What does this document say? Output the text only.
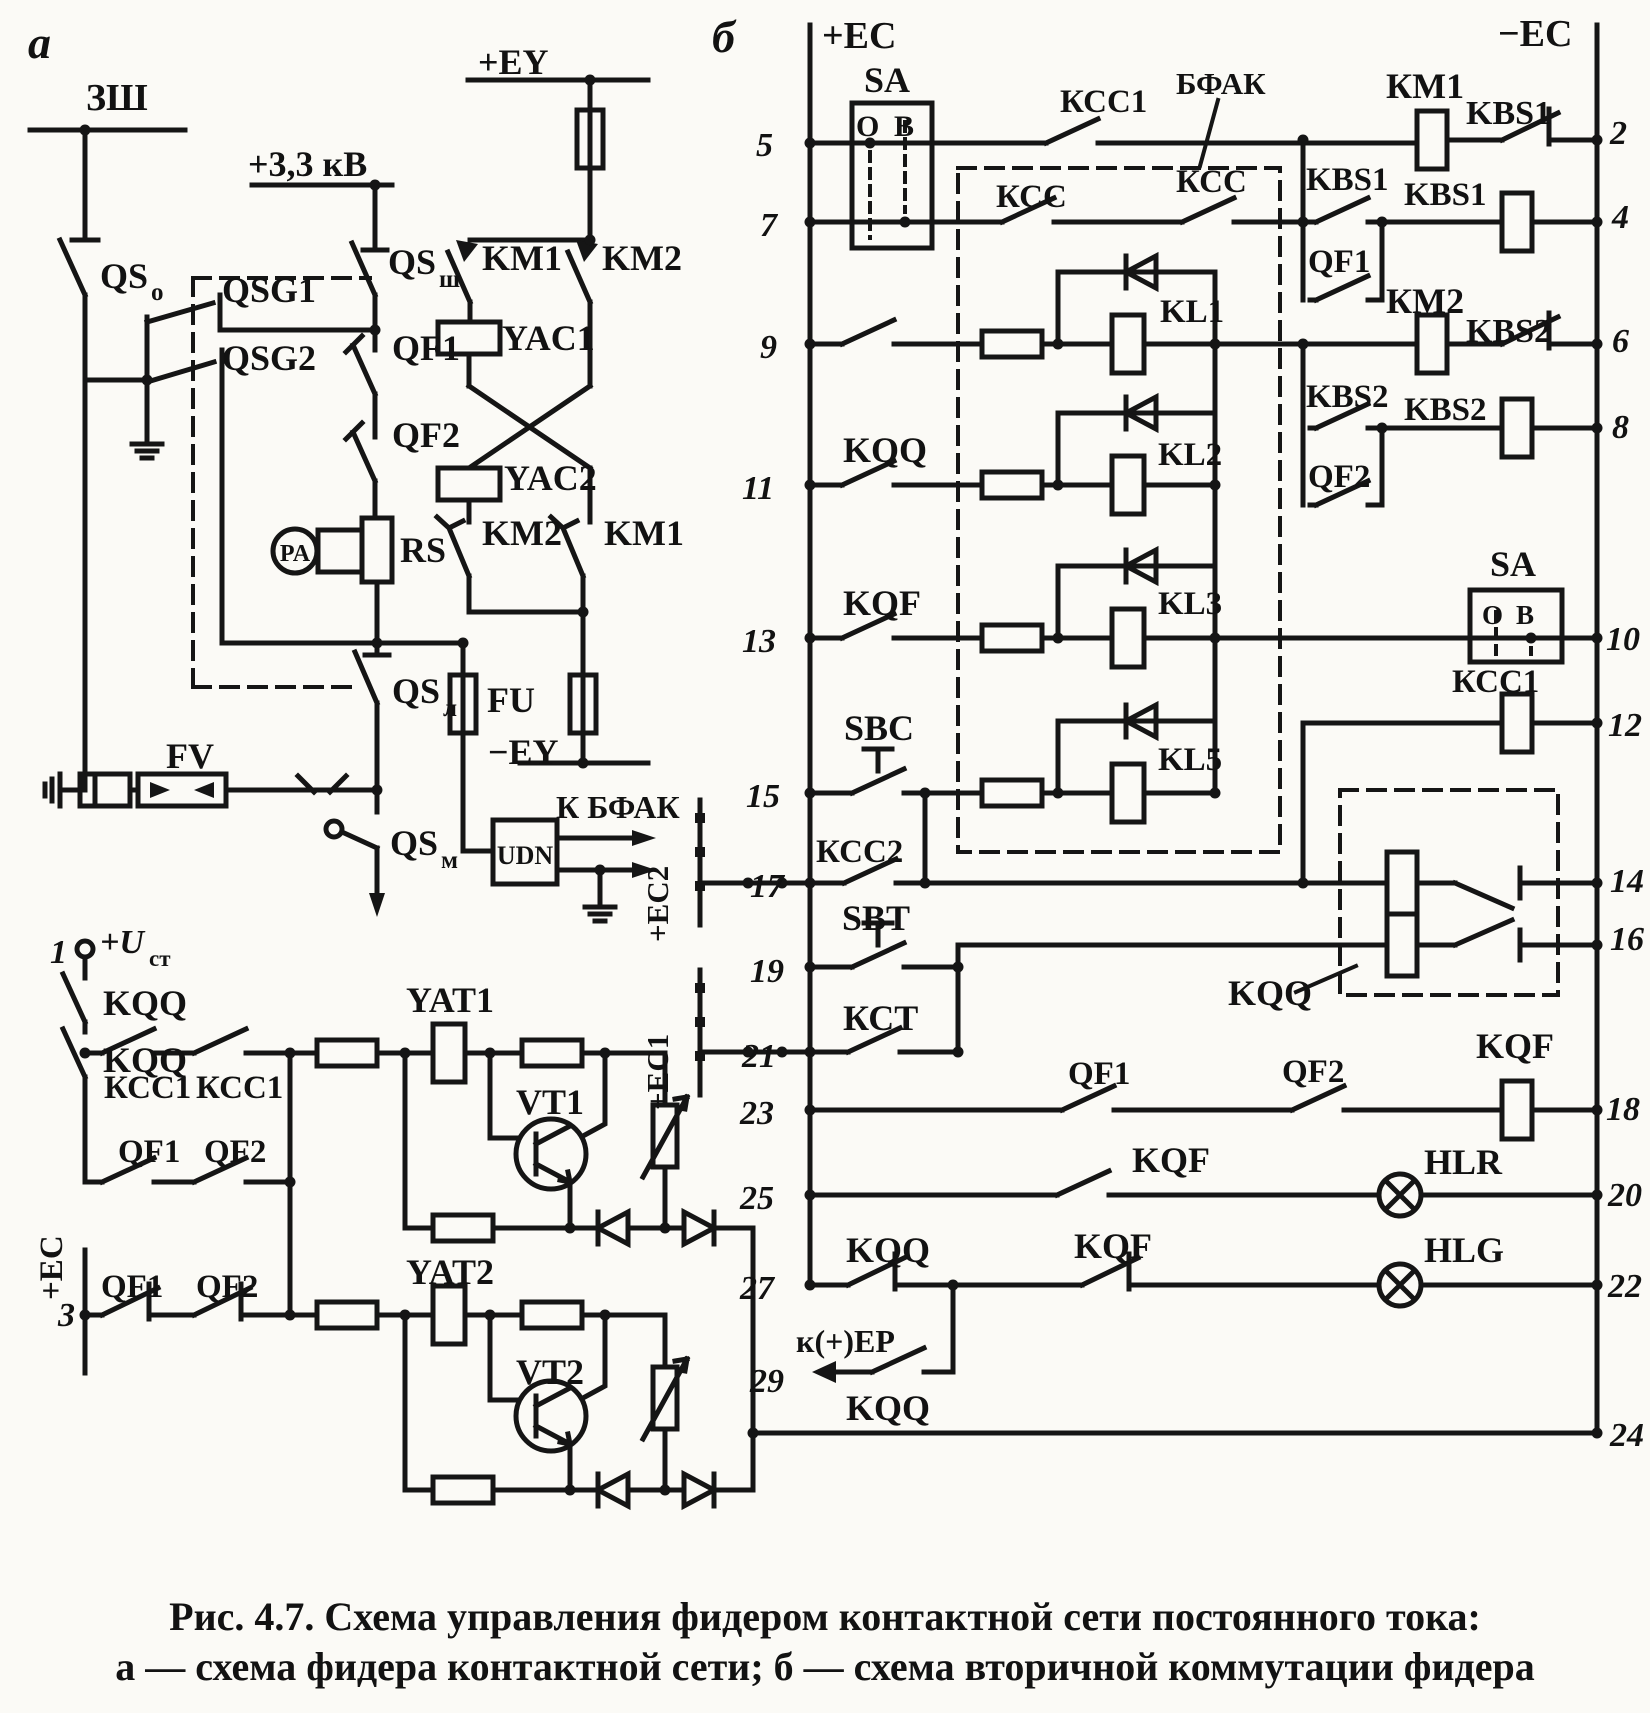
а
ЗШ
QS о
+3,3 кВ
QSG1
QSG2
QS ш
QF1
QF2
+EY
KM1 KM2
YAC1
YAC2
RS
PA
KM2 KM1
QS л FU
−EY
FV
QS м
К БФАК
UDN
1 +U ст
KQQ
KQQ
КСС1 КСС1
QF1 QF2
+ЕС
3
QF1 QF2
YAT1
VT1
YAT2
VT2
б +ЕС	−ЕС
SA
О В
КСС1
БФАК	КМ1
KBS1
КСС	КСС KBS1 KBS1
QF1
КМ2
KBS2
KBS2 KBS2
QF2
KQQ
KQF
KL1
KL2
KL3
KL5
SBC
КСС2
SBT
КСТ
SA
О В
КСС1
KQQ
QF1	QF2
KQF
KQF	HLR
KQQ	KQF	HLG
к(+)ЕР
KQQ
+ЕС2
+ЕС1
5
7
9
11
13
15
17
19
21
23
25
27
29
2
4
6
8
10
12
14
16
18
20
22
24
Рис. 4.7. Схема управления фидером контактной сети постоянного тока:
а — схема фидера контактной сети; б — схема вторичной коммутации фидера
